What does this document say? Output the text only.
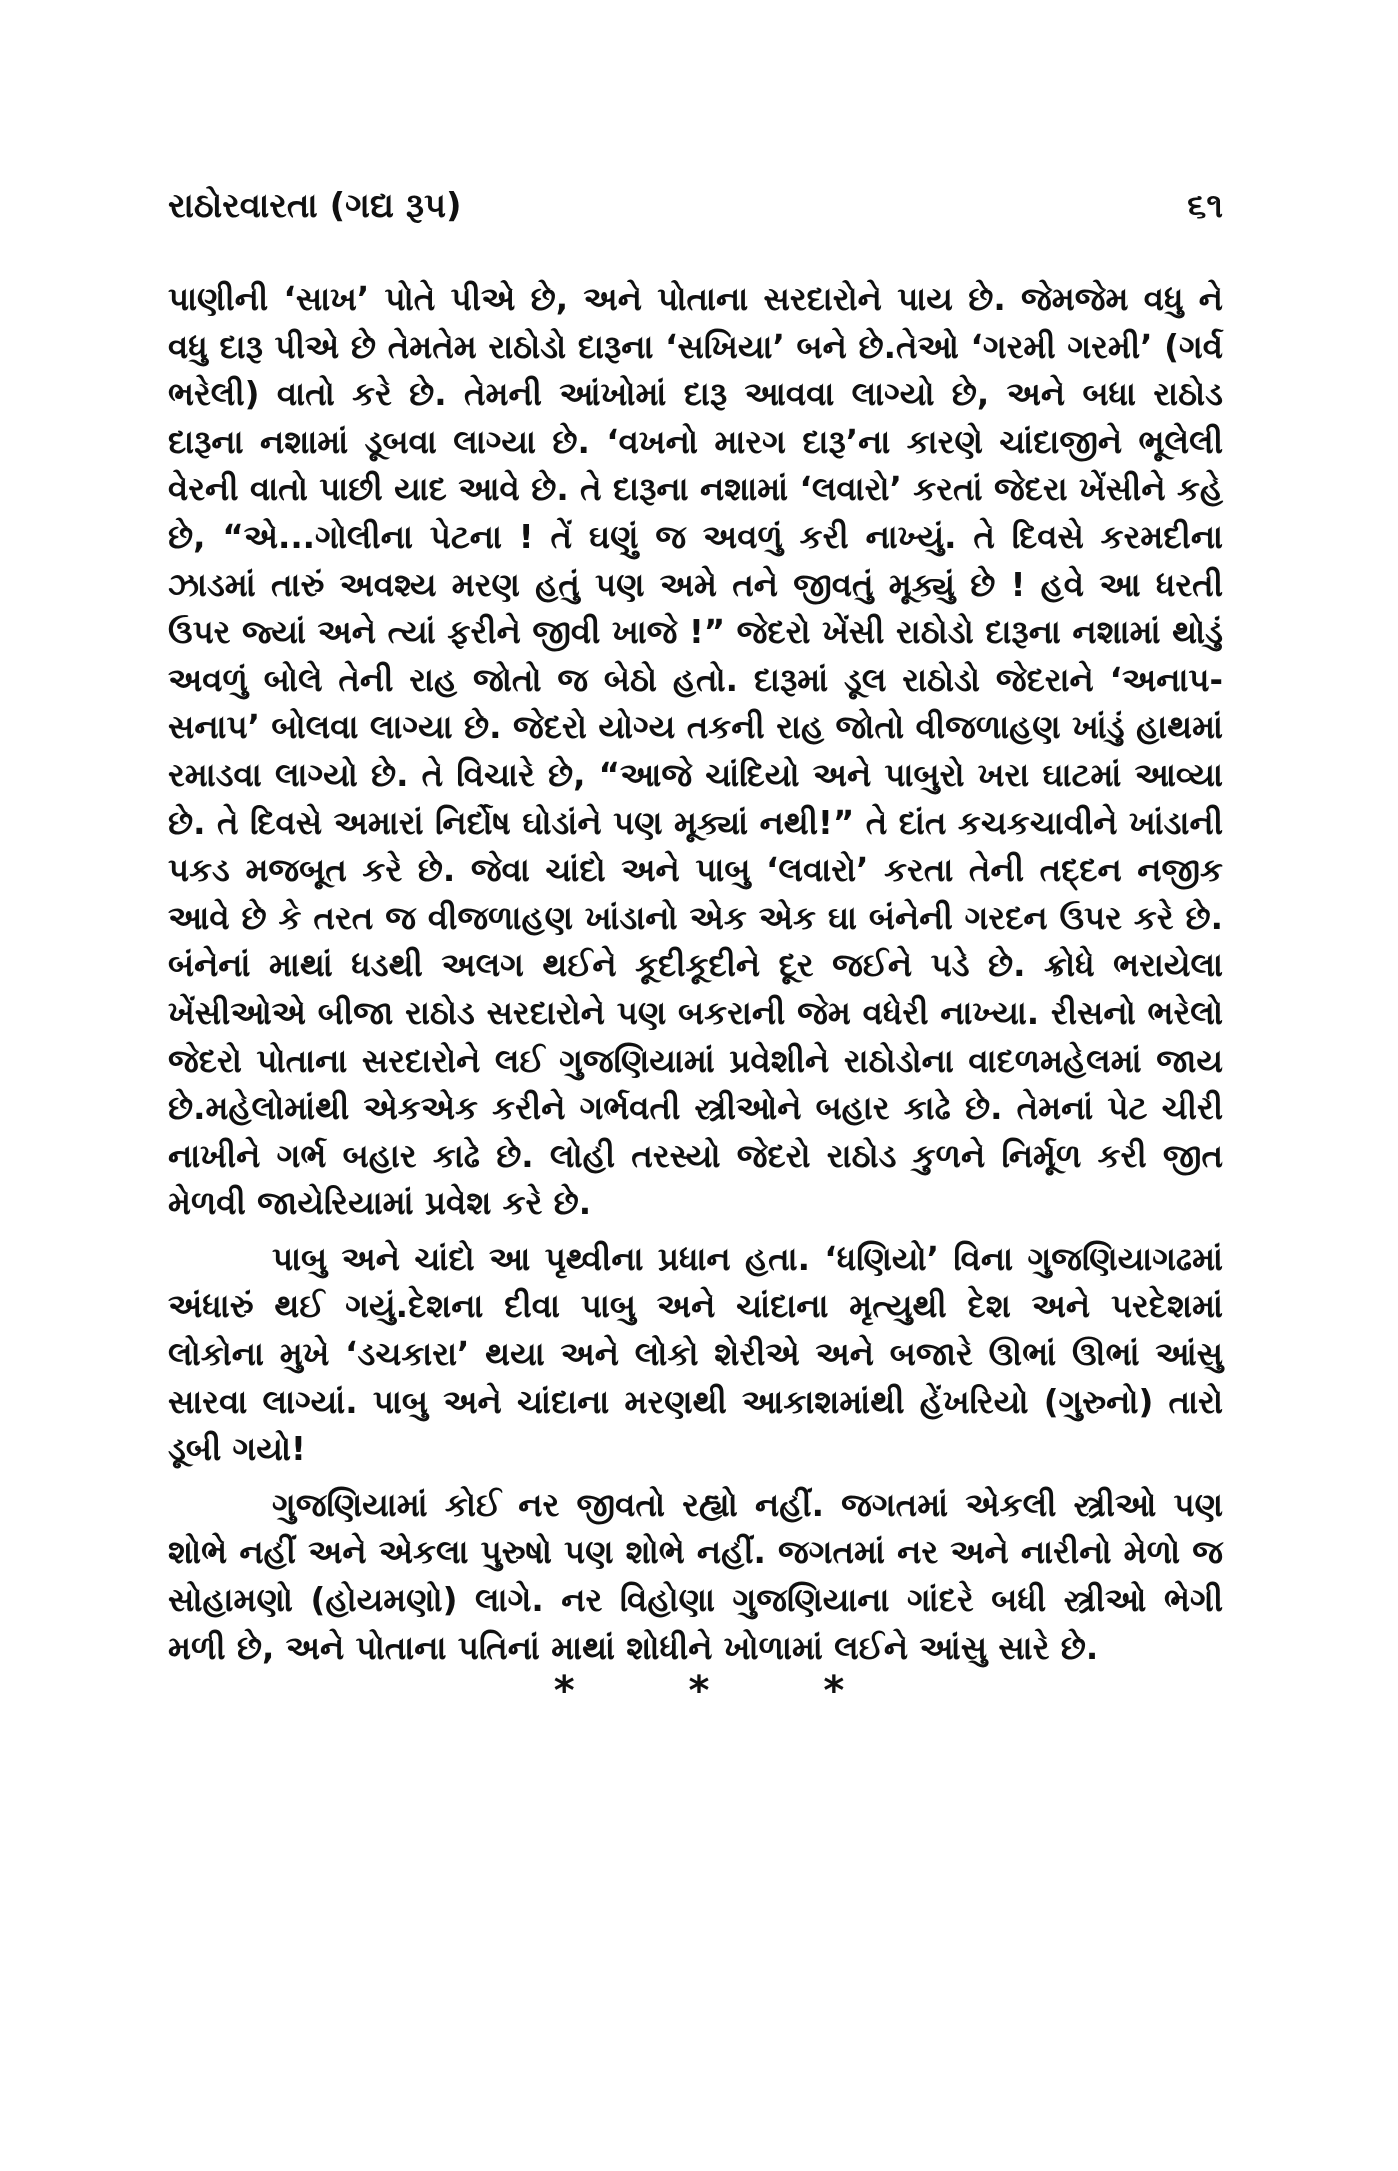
રાઠોરવારતા (ગદ્ય રૂપ)	૬૧

પાણીની ‘સાખ’ પોતે પીએ છે, અને પોતાના સરદારોને પાય છે. જેમજેમ વધુ ને વધુ દારૂ પીએ છે તેમતેમ રાઠોડો દારૂના ‘સખિયા’ બને છે.તેઓ ‘ગરમી ગરમી’ (ગર્વ ભરેલી) વાતો કરે છે. તેમની આંખોમાં દારૂ આવવા લાગ્યો છે, અને બધા રાઠોડ દારૂના નશામાં ડૂબવા લાગ્યા છે. ‘વખનો મારગ દારૂ’ના કારણે ચાંદાજીને ભૂલેલી વેરની વાતો પાછી યાદ આવે છે. તે દારૂના નશામાં ‘લવારો’ કરતાં જેદરા ખેંસીને કહે છે, “એ...ગોલીના પેટના ! તેં ઘણું જ અવળું કરી નાખ્યું. તે દિવસે કરમદીના ઝાડમાં તારું અવશ્ય મરણ હતું પણ અમે તને જીવતું મૂક્યું છે ! હવે આ ધરતી ઉપર જ્યાં અને ત્યાં ફરીને જીવી ખાજે !” જેદરો ખેંસી રાઠોડો દારૂના નશામાં થોડું અવળું બોલે તેની રાહ જોતો જ બેઠો હતો. દારૂમાં ડૂલ રાઠોડો જેદરાને ‘અનાપ-સનાપ’ બોલવા લાગ્યા છે. જેદરો યોગ્ય તકની રાહ જોતો વીજળાહણ ખાંડું હાથમાં રમાડવા લાગ્યો છે. તે વિચારે છે, “આજે ચાંદિયો અને પાબુરો ખરા ઘાટમાં આવ્યા છે. તે દિવસે અમારાં નિર્દોષ ઘોડાંને પણ મૂક્યાં નથી!” તે દાંત કચકચાવીને ખાંડાની પકડ મજબૂત કરે છે. જેવા ચાંદો અને પાબુ ‘લવારો’ કરતા તેની તદ્દન નજીક આવે છે કે તરત જ વીજળાહણ ખાંડાનો એક એક ઘા બંનેની ગરદન ઉપર કરે છે. બંનેનાં માથાં ધડથી અલગ થઈને કૂદીકૂદીને દૂર જઈને પડે છે. ક્રોધે ભરાયેલા ખેંસીઓએ બીજા રાઠોડ સરદારોને પણ બકરાની જેમ વધેરી નાખ્યા. રીસનો ભરેલો જેદરો પોતાના સરદારોને લઈ ગુજણિયામાં પ્રવેશીને રાઠોડોના વાદળમહેલમાં જાય છે.મહેલોમાંથી એકએક કરીને ગર્ભવતી સ્ત્રીઓને બહાર કાઢે છે. તેમનાં પેટ ચીરી નાખીને ગર્ભ બહાર કાઢે છે. લોહી તરસ્યો જેદરો રાઠોડ કુળને નિર્મૂળ કરી જીત મેળવી જાયેરિયામાં પ્રવેશ કરે છે.

પાબુ અને ચાંદો આ પૃથ્વીના પ્રધાન હતા. ‘ધણિયો’ વિના ગુજણિયાગઢમાં અંધારું થઈ ગયું.દેશના દીવા પાબુ અને ચાંદાના મૃત્યુથી દેશ અને પરદેશમાં લોકોના મુખે ‘ડચકારા’ થયા અને લોકો શેરીએ અને બજારે ઊભાં ઊભાં આંસુ સારવા લાગ્યાં. પાબુ અને ચાંદાના મરણથી આકાશમાંથી હેંખરિયો (ગુરુનો) તારો ડૂબી ગયો!

ગુજણિયામાં કોઈ નર જીવતો રહ્યો નહીં. જગતમાં એકલી સ્ત્રીઓ પણ શોભે નહીં અને એકલા પુરુષો પણ શોભે નહીં. જગતમાં નર અને નારીનો મેળો જ સોહામણો (હોયમણો) લાગે. નર વિહોણા ગુજણિયાના ગાંદરે બધી સ્ત્રીઓ ભેગી મળી છે, અને પોતાના પતિનાં માથાં શોધીને ખોળામાં લઈને આંસુ સારે છે.

* * *
